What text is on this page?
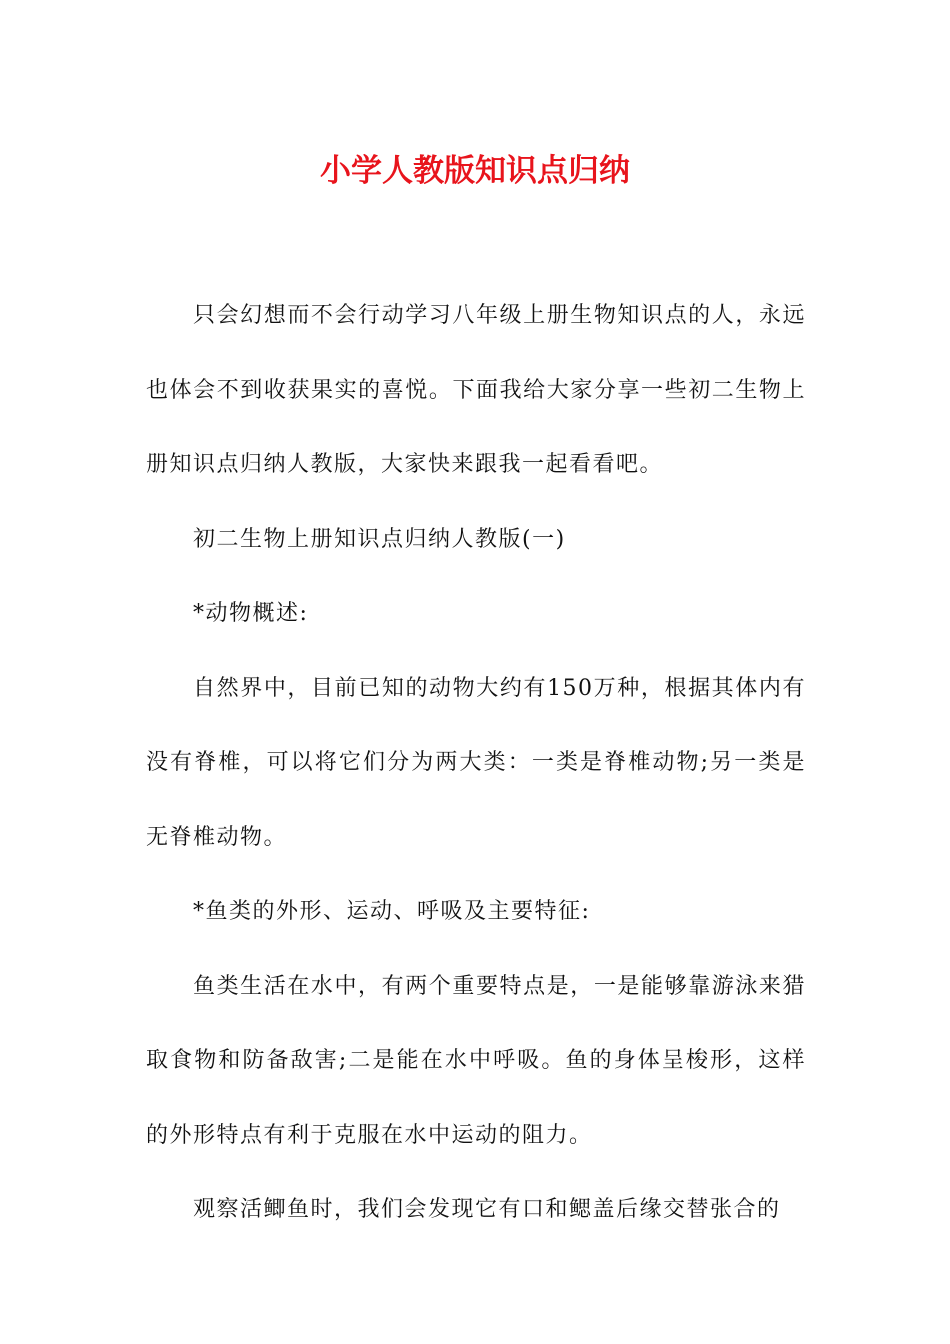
小学人教版知识点归纳

只会幻想而不会行动学习八年级上册生物知识点的人，永远也体会不到收获果实的喜悦。下面我给大家分享一些初二生物上册知识点归纳人教版，大家快来跟我一起看看吧。

初二生物上册知识点归纳人教版(一)

*动物概述:

自然界中，目前已知的动物大约有150万种，根据其体内有没有脊椎，可以将它们分为两大类：一类是脊椎动物;另一类是无脊椎动物。

*鱼类的外形、运动、呼吸及主要特征:

鱼类生活在水中，有两个重要特点是，一是能够靠游泳来猎取食物和防备敌害;二是能在水中呼吸。鱼的身体呈梭形，这样的外形特点有利于克服在水中运动的阻力。

观察活鲫鱼时，我们会发现它有口和鳃盖后缘交替张合的
